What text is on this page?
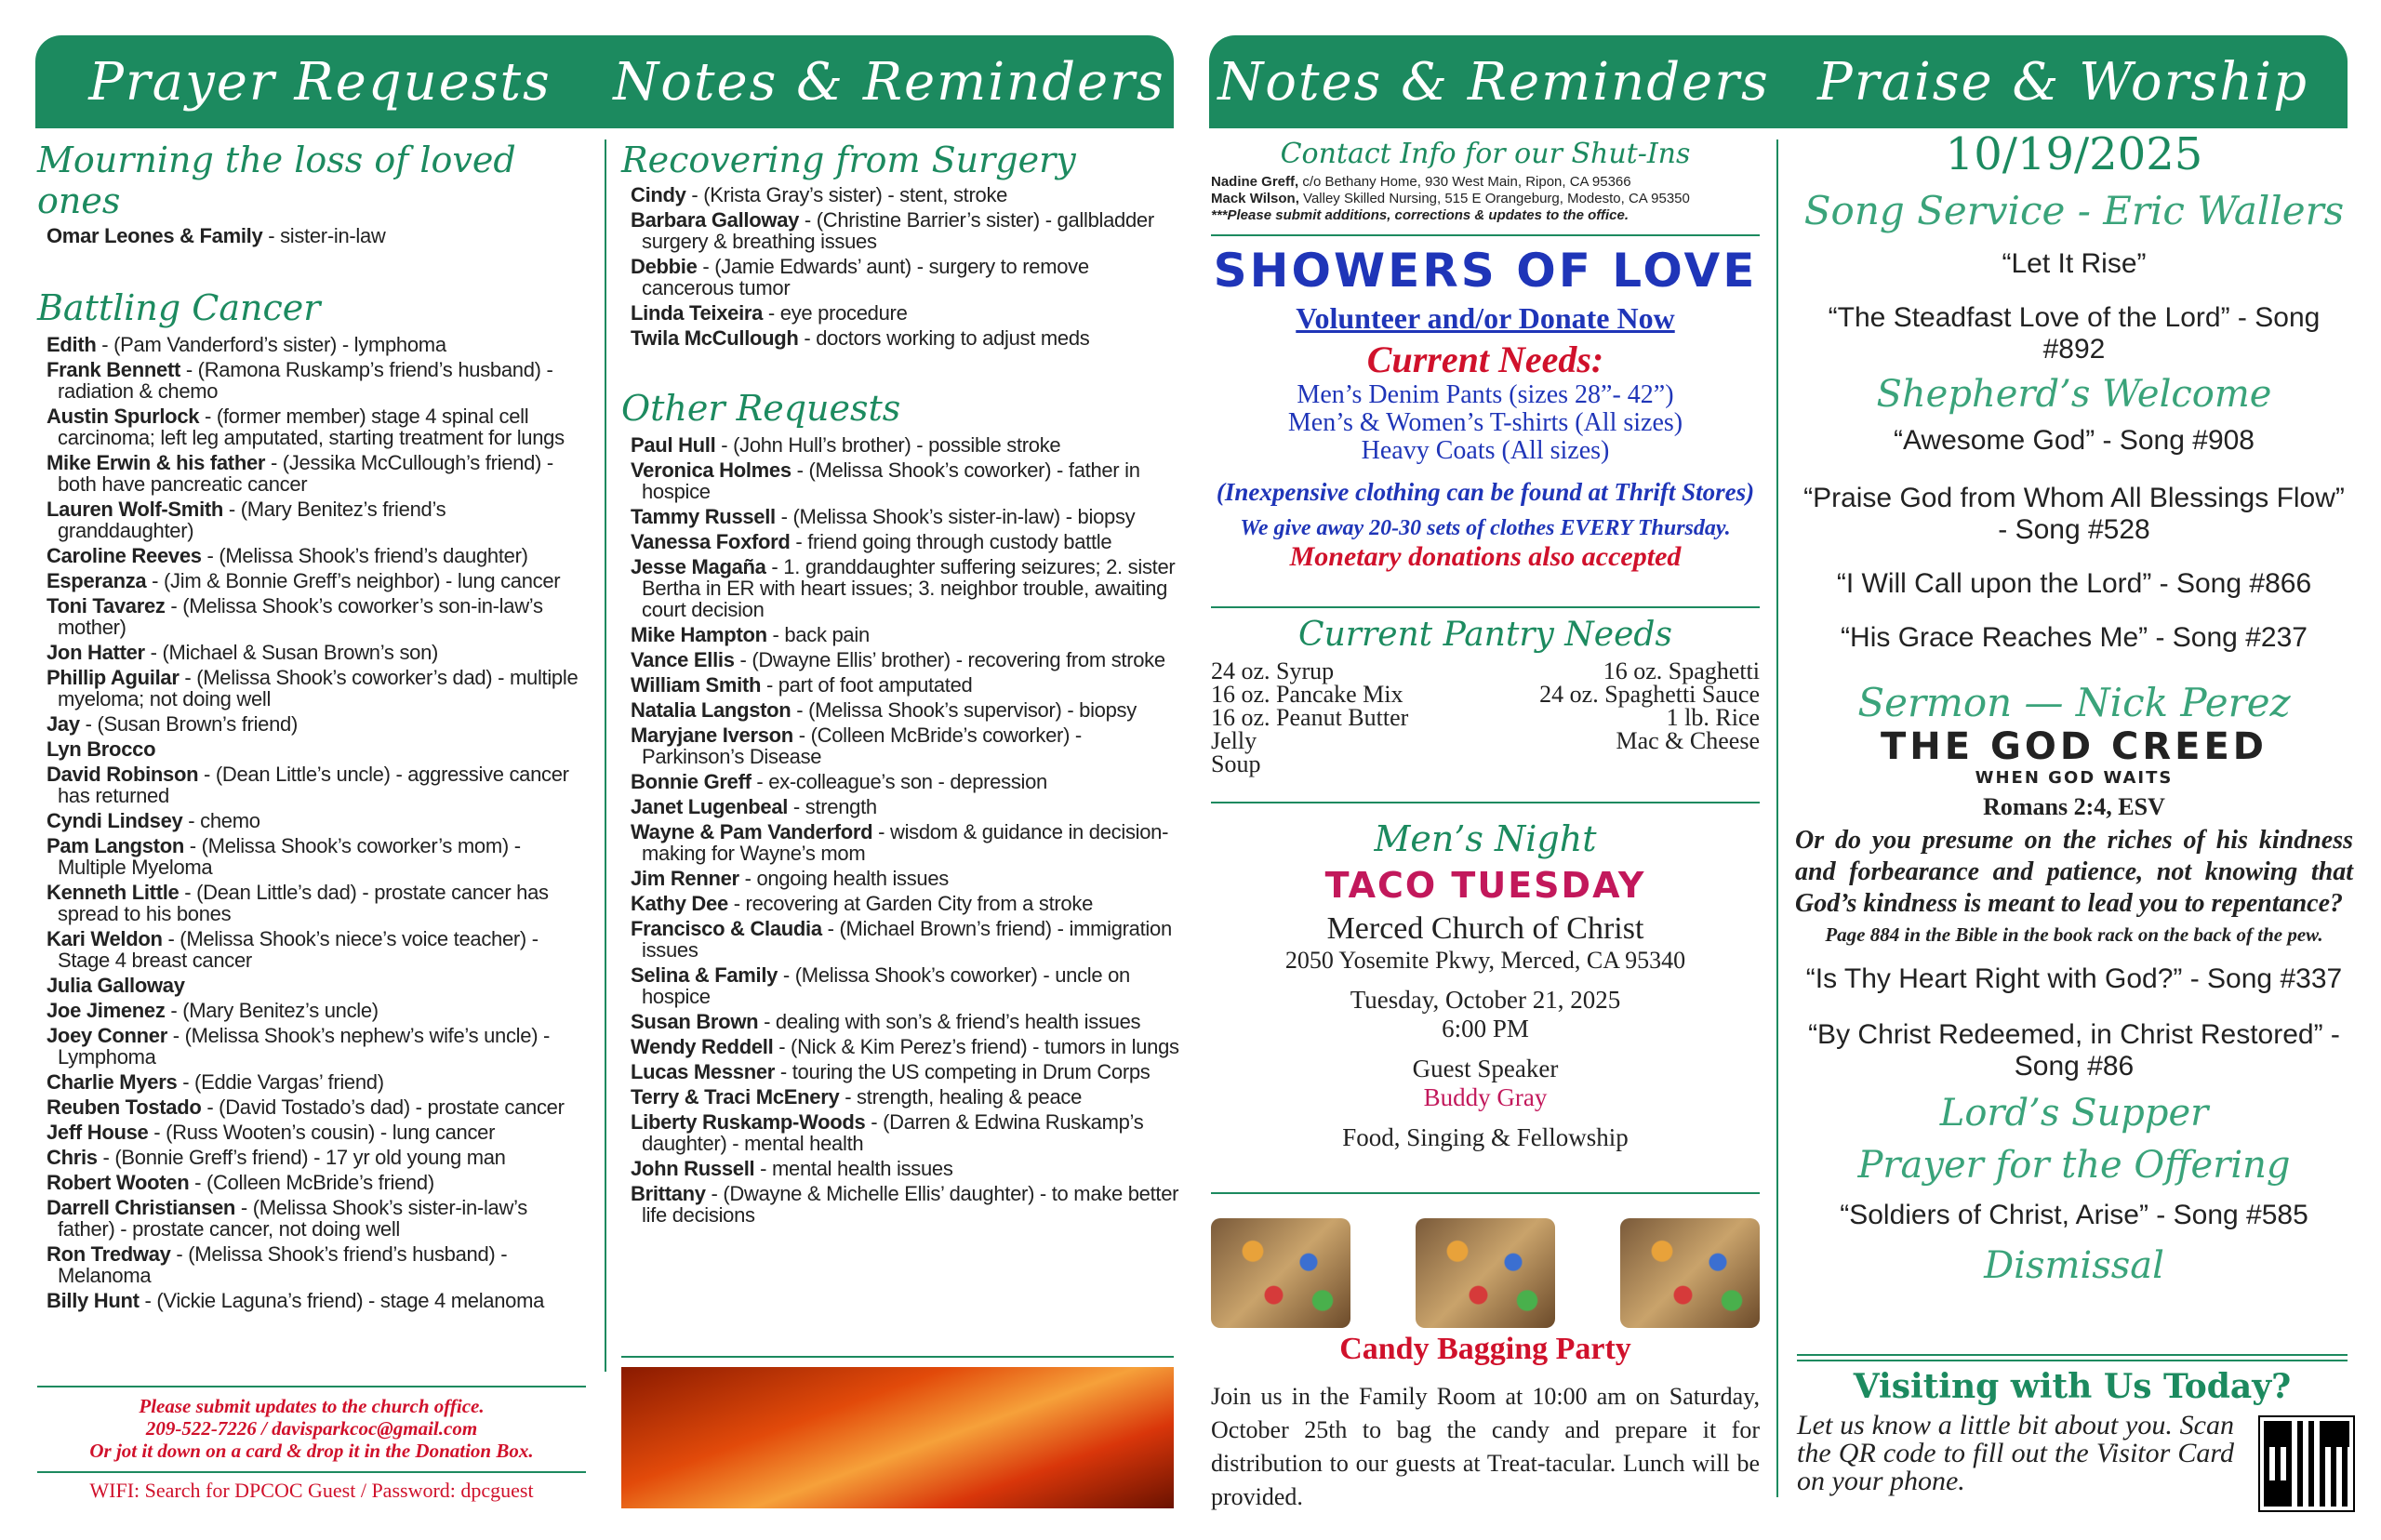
Prayer Requests	Notes & Reminders Notes & Reminders Praise & Worship
Mourning the loss of loved ones
Omar Leones & Family - sister-in-law
Battling Cancer
Edith - (Pam Vanderford’s sister) - lymphoma
Frank Bennett - (Ramona Ruskamp’s friend’s husband) - radiation & chemo
Austin Spurlock - (former member) stage 4 spinal cell carcinoma; left leg amputated, starting treatment for lungs
Mike Erwin & his father - (Jessika McCullough’s friend) - both have pancreatic cancer
Lauren Wolf-Smith - (Mary Benitez’s friend’s granddaughter)
Caroline Reeves - (Melissa Shook’s friend’s daughter)
Esperanza - (Jim & Bonnie Greff’s neighbor) - lung cancer
Toni Tavarez - (Melissa Shook’s coworker’s son-in-law’s mother)
Jon Hatter - (Michael & Susan Brown’s son)
Phillip Aguilar - (Melissa Shook’s coworker’s dad) - multiple myeloma; not doing well
Jay - (Susan Brown’s friend)
Lyn Brocco
David Robinson - (Dean Little’s uncle) - aggressive cancer has returned
Cyndi Lindsey - chemo
Pam Langston - (Melissa Shook’s coworker’s mom) - Multiple Myeloma
Kenneth Little - (Dean Little’s dad) - prostate cancer has spread to his bones
Kari Weldon - (Melissa Shook’s niece’s voice teacher) - Stage 4 breast cancer
Julia Galloway
Joe Jimenez - (Mary Benitez’s uncle)
Joey Conner - (Melissa Shook’s nephew’s wife’s uncle) - Lymphoma
Charlie Myers - (Eddie Vargas’ friend)
Reuben Tostado - (David Tostado’s dad) - prostate cancer
Jeff House - (Russ Wooten’s cousin) - lung cancer
Chris - (Bonnie Greff’s friend) - 17 yr old young man
Robert Wooten - (Colleen McBride’s friend)
Darrell Christiansen - (Melissa Shook’s sister-in-law’s father) - prostate cancer, not doing well
Ron Tredway - (Melissa Shook’s friend’s husband) - Melanoma
Billy Hunt - (Vickie Laguna’s friend) - stage 4 melanoma
Please submit updates to the church office.
209-522-7226 / davisparkcoc@gmail.com
Or jot it down on a card & drop it in the Donation Box.
WIFI: Search for DPCOC Guest / Password: dpcguest
Recovering from Surgery
Cindy - (Krista Gray’s sister) - stent, stroke
Barbara Galloway - (Christine Barrier’s sister) - gallbladder surgery & breathing issues
Debbie - (Jamie Edwards’ aunt) - surgery to remove cancerous tumor
Linda Teixeira - eye procedure
Twila McCullough - doctors working to adjust meds
Other Requests
Paul Hull - (John Hull’s brother) - possible stroke
Veronica Holmes - (Melissa Shook’s coworker) - father in hospice
Tammy Russell - (Melissa Shook’s sister-in-law) - biopsy
Vanessa Foxford - friend going through custody battle
Jesse Magaña - 1. granddaughter suffering seizures; 2. sister Bertha in ER with heart issues; 3. neighbor trouble, awaiting court decision
Mike Hampton - back pain
Vance Ellis - (Dwayne Ellis’ brother) - recovering from stroke
William Smith - part of foot amputated
Natalia Langston - (Melissa Shook’s supervisor) - biopsy
Maryjane Iverson - (Colleen McBride’s coworker) - Parkinson’s Disease
Bonnie Greff - ex-colleague’s son - depression
Janet Lugenbeal - strength
Wayne & Pam Vanderford - wisdom & guidance in decision-making for Wayne’s mom
Jim Renner - ongoing health issues
Kathy Dee - recovering at Garden City from a stroke
Francisco & Claudia - (Michael Brown’s friend) - immigration issues
Selina & Family - (Melissa Shook’s coworker) - uncle on hospice
Susan Brown - dealing with son’s & friend’s health issues
Wendy Reddell - (Nick & Kim Perez’s friend) - tumors in lungs
Lucas Messner - touring the US competing in Drum Corps
Terry & Traci McEnery - strength, healing & peace
Liberty Ruskamp-Woods - (Darren & Edwina Ruskamp’s daughter) - mental health
John Russell - mental health issues
Brittany - (Dwayne & Michelle Ellis’ daughter) - to make better life decisions
Contact Info for our Shut-Ins
Nadine Greff, c/o Bethany Home, 930 West Main, Ripon, CA 95366
Mack Wilson, Valley Skilled Nursing, 515 E Orangeburg, Modesto, CA 95350
***Please submit additions, corrections & updates to the office.
SHOWERS OF LOVE
Volunteer and/or Donate Now
Current Needs:
Men’s Denim Pants (sizes 28”- 42”)
Men’s & Women’s T-shirts (All sizes)
Heavy Coats (All sizes)
(Inexpensive clothing can be found at Thrift Stores)
We give away 20-30 sets of clothes EVERY Thursday.
Monetary donations also accepted
Current Pantry Needs
24 oz. Syrup
16 oz. Pancake Mix
16 oz. Peanut Butter
Jelly
Soup
16 oz. Spaghetti
24 oz. Spaghetti Sauce
1 lb. Rice
Mac & Cheese
Men’s Night
TACO TUESDAY
Merced Church of Christ
2050 Yosemite Pkwy, Merced, CA 95340
Tuesday, October 21, 2025
6:00 PM
Guest Speaker
Buddy Gray
Food, Singing & Fellowship
Candy Bagging Party
Join us in the Family Room at 10:00 am on Saturday, October 25th to bag the candy and prepare it for distribution to our guests at Treat-tacular. Lunch will be provided.

10/19/2025

Song Service - Eric Wallers

“Let It Rise”

“The Steadfast Love of the Lord” - Song #892

Shepherd’s Welcome

“Awesome God” - Song #908

“Praise God from Whom All Blessings Flow” - Song #528

“I Will Call upon the Lord” - Song #866

“His Grace Reaches Me” - Song #237

Sermon — Nick Perez

THE GOD CREED

WHEN GOD WAITS

Romans 2:4, ESV

Or do you presume on the riches of his kindness and forbearance and patience, not knowing that God’s kindness is meant to lead you to repentance?

Page 884 in the Bible in the book rack on the back of the pew.

“Is Thy Heart Right with God?” - Song #337

“By Christ Redeemed, in Christ Restored” - Song #86

Lord’s Supper

Prayer for the Offering

“Soldiers of Christ, Arise” - Song #585

Dismissal

Visiting with Us Today?
Let us know a little bit about you. Scan the QR code to fill out the Visitor Card on your phone.
